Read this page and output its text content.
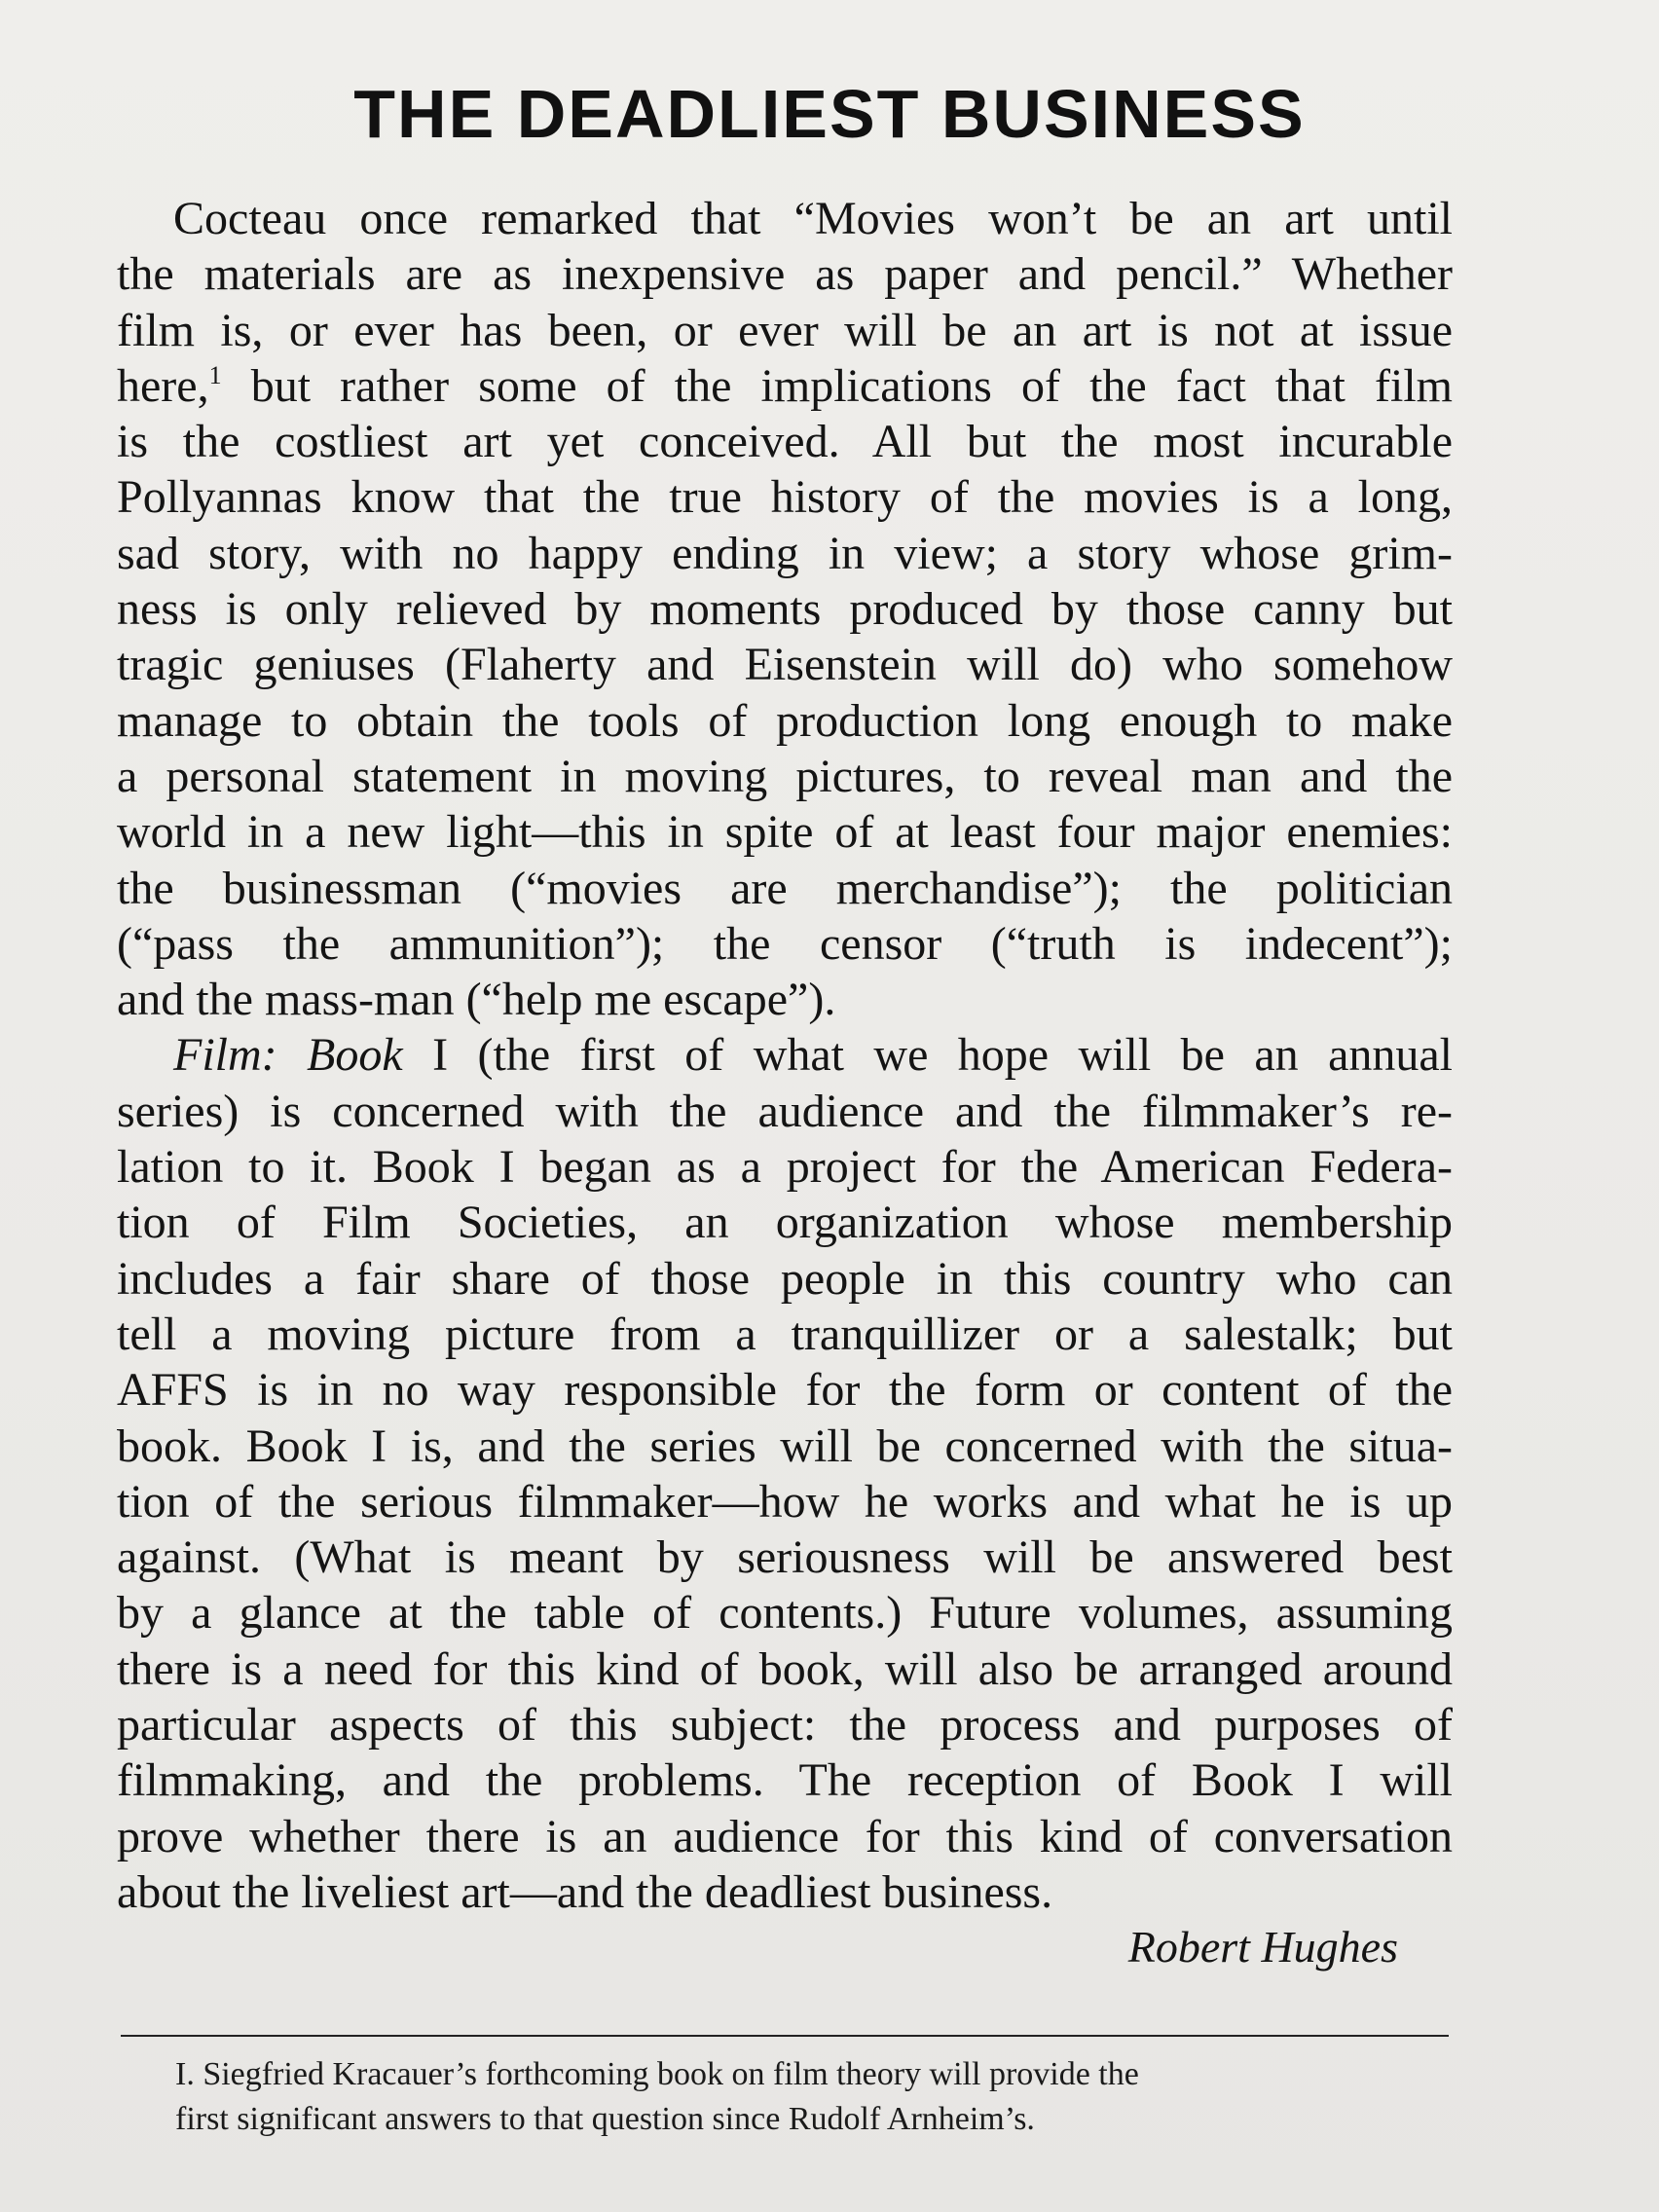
THE DEADLIEST BUSINESS
Cocteau once remarked that “Movies won’t be an art until
the materials are as inexpensive as paper and pencil.” Whether
film is, or ever has been, or ever will be an art is not at issue
here,$^1$ but rather some of the implications of the fact that film
is the costliest art yet conceived. All but the most incurable
Pollyannas know that the true history of the movies is a long,
sad story, with no happy ending in view; a story whose grim-
ness is only relieved by moments produced by those canny but
tragic geniuses (Flaherty and Eisenstein will do) who somehow
manage to obtain the tools of production long enough to make
a personal statement in moving pictures, to reveal man and the
world in a new light—this in spite of at least four major enemies:
the businessman (“movies are merchandise”); the politician
(“pass the ammunition”); the censor (“truth is indecent”);
and the mass-man (“help me escape”).
Film: Book I (the first of what we hope will be an annual
series) is concerned with the audience and the filmmaker’s re-
lation to it. Book I began as a project for the American Federa-
tion of Film Societies, an organization whose membership
includes a fair share of those people in this country who can
tell a moving picture from a tranquillizer or a salestalk; but
AFFS is in no way responsible for the form or content of the
book. Book I is, and the series will be concerned with the situa-
tion of the serious filmmaker—how he works and what he is up
against. (What is meant by seriousness will be answered best
by a glance at the table of contents.) Future volumes, assuming
there is a need for this kind of book, will also be arranged around
particular aspects of this subject: the process and purposes of
filmmaking, and the problems. The reception of Book I will
prove whether there is an audience for this kind of conversation
about the liveliest art—and the deadliest business.
Robert Hughes
I. Siegfried Kracauer’s forthcoming book on film theory will provide the
first significant answers to that question since Rudolf Arnheim’s.
